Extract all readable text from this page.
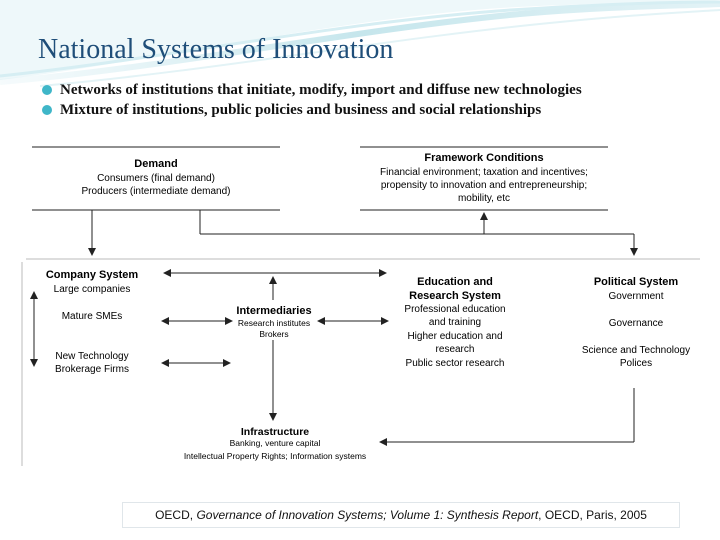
National Systems of Innovation
Networks of institutions that initiate, modify, import and diffuse new technologies
Mixture of institutions, public policies and business and social relationships
Demand
Consumers (final demand)
Producers (intermediate demand)
Framework Conditions
Financial environment; taxation and incentives;
propensity to innovation and entrepreneurship;
mobility, etc
Company System
Large companies
Mature SMEs
New Technology
Brokerage Firms
Intermediaries
Research institutes
Brokers
Education and
Research System
Professional education
and training
Higher education and
research
Public sector research
Political System
Government
Governance
Science and Technology
Polices
Infrastructure
Banking, venture capital
Intellectual Property Rights; Information systems
OECD, Governance of Innovation Systems; Volume 1: Synthesis Report, OECD, Paris, 2005
